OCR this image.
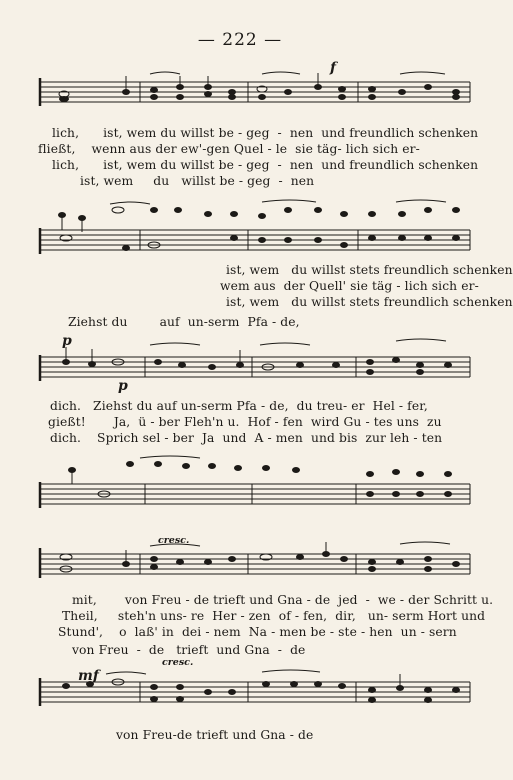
— 222 —
f
lich,      ist, wem du willst be - geg  -  nen  und freundlich schenken
fließt,    wenn aus der ew'-gen Quel - le  sie täg- lich sich er-
lich,      ist, wem du willst be - geg  -  nen  und freundlich schenken
ist, wem     du   willst be - geg  -  nen
ist, wem   du willst stets freundlich schenken
wem aus  der Quell' sie täg - lich sich er-
ist, wem   du willst stets freundlich schenken
Ziehst du        auf  un-serm  Pfa - de,
p
p
dich.   Ziehst du auf un-serm Pfa - de,  du treu- er  Hel - fer,
gießt!       Ja,  ü - ber Fleh'n u.  Hof - fen  wird Gu - tes uns  zu
dich.    Sprich sel - ber  Ja  und  A - men  und bis  zur leh - ten
cresc.
mit,       von Freu - de trieft und Gna - de  jed  -  we - der Schritt u.
Theil,     steh'n uns- re  Her - zen  of - fen,  dir,   un- serm Hort und
Stund',    o  laß' in  dei - nem  Na - men be - ste - hen  un - sern
von Freu  -  de   trieft  und Gna  -  de
cresc.
mf
von Freu-de trieft und Gna - de
